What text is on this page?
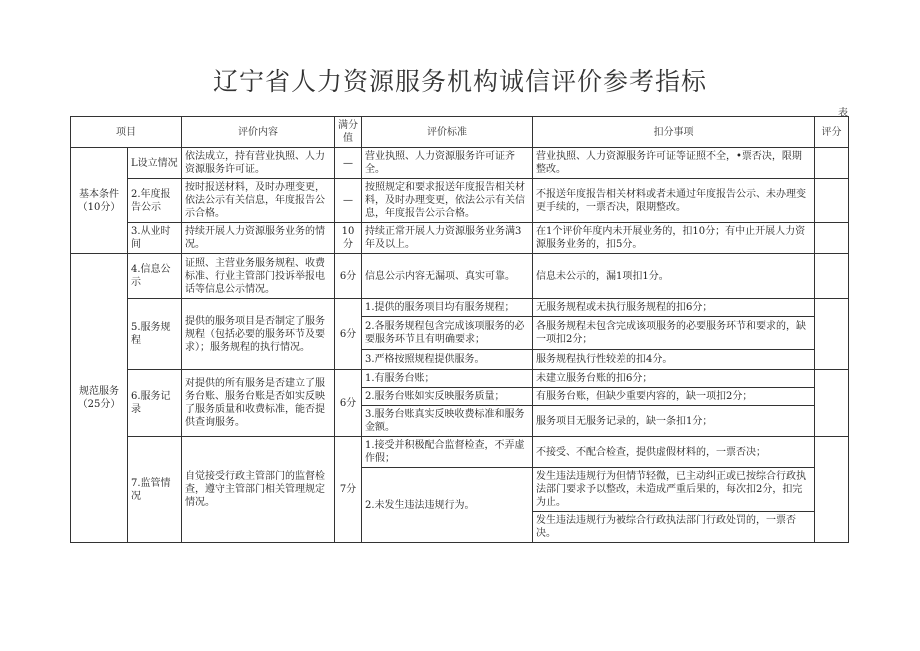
辽宁省人力资源服务机构诚信评价参考指标
表
项目		评价内容	满分值	评价标准	扣分事项	评分
基本条件（10分）	L设立情况	依法成立，持有营业执照、人力资源服务许可证。	—	营业执照、人力资源服务许可证齐全。	营业执照、人力资源服务许可证等证照不全，•票否决，限期整改。	
	2.年度报告公示	按时报送材料，及时办理变更，依法公示有关信息，年度报告公示合格。	—	按照规定和要求报送年度报告相关材料，及时办理变更，依法公示有关信息，年度报告公示合格。	不报送年度报告相关材料或者未通过年度报告公示、未办理变更手续的，一票否决，限期整改。	
	3.从业时间	持续开展人力资源服务业务的情况。	10分	持续正常开展人力资源服务业务满3年及以上。	在1个评价年度内未开展业务的，扣10分；有中止开展人力资源服务业务的，扣5分。	
规范服务（25分）	4.信息公示	证照、主营业务服务规程、收费标准、行业主管部门投诉举报电话等信息公示情况。	6分	信息公示内容无漏项、真实可靠。	信息未公示的，漏1项扣1分。	
	5.服务规程	提供的服务项目是否制定了服务规程（包括必要的服务环节及要求）；服务规程的执行情况。	6分	1.提供的服务项目均有服务规程；	无服务规程或未执行服务规程的扣6分；	
				2.各服务规程包含完成该项服务的必要服务环节且有明确要求；	各服务规程未包含完成该项服务的必要服务环节和要求的，缺一项扣2分；	
				3.严格按照规程提供服务。	服务规程执行性较差的扣4分。	
	6.服务记录	对提供的所有服务是否建立了服务台账、服务台账是否如实反映了服务质量和收费标准，能否提供查询服务。	6分	1.有服务台账；	未建立服务台账的扣6分；	
				2.服务台账如实反映服务质量；	有服务台账，但缺少重要内容的，缺一项扣2分；	
				3.服务台账真实反映收费标准和服务金额。	服务项目无服务记录的，缺一条扣1分；	
	7.监管情况	自觉接受行政主管部门的监督检查，遵守主管部门相关管理规定情况。	7分	1.接受并积极配合监督检查，不弄虚作假；	不接受、不配合检查，提供虚假材料的，一票否决；	
				2.未发生违法违规行为。	发生违法违规行为但情节轻微，已主动纠正或已按综合行政执法部门要求予以整改，未造成严重后果的，每次扣2分，扣完为止。	
					发生违法违规行为被综合行政执法部门行政处罚的，一票否决。	
